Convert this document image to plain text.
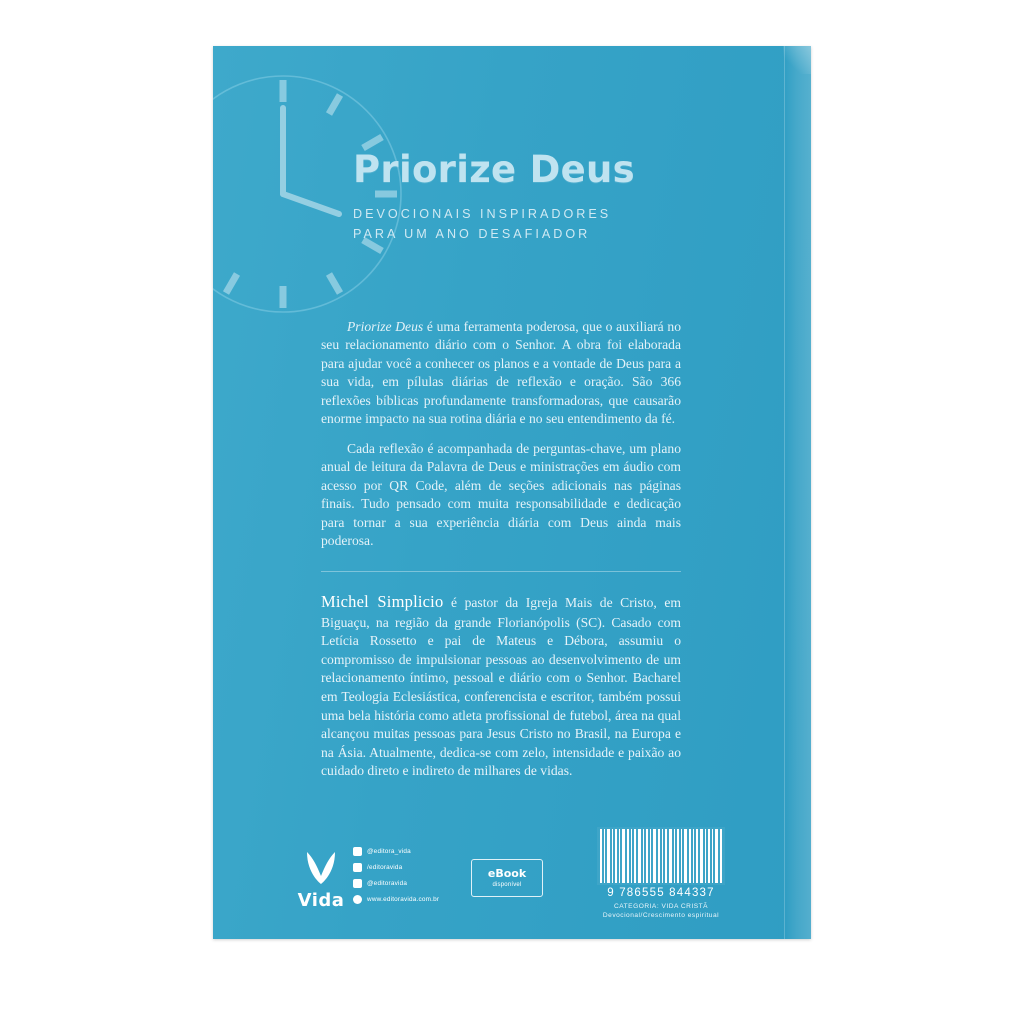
Priorize Deus
DEVOCIONAIS INSPIRADORES
PARA UM ANO DESAFIADOR

Priorize Deus é uma ferramenta poderosa, que o auxiliará no seu relacionamento diário com o Senhor. A obra foi elaborada para ajudar você a conhecer os planos e a vontade de Deus para a sua vida, em pílulas diárias de reflexão e oração. São 366 reflexões bíblicas profundamente transformadoras, que causarão enorme impacto na sua rotina diária e no seu entendimento da fé.

Cada reflexão é acompanhada de perguntas-chave, um plano anual de leitura da Palavra de Deus e ministrações em áudio com acesso por QR Code, além de seções adicionais nas páginas finais. Tudo pensado com muita responsabilidade e dedicação para tornar a sua experiência diária com Deus ainda mais poderosa.

Michel Simplicio é pastor da Igreja Mais de Cristo, em Biguaçu, na região da grande Florianópolis (SC). Casado com Letícia Rossetto e pai de Mateus e Débora, assumiu o compromisso de impulsionar pessoas ao desenvolvimento de um relacionamento íntimo, pessoal e diário com o Senhor. Bacharel em Teologia Eclesiástica, conferencista e escritor, também possui uma bela história como atleta profissional de futebol, área na qual alcançou muitas pessoas para Jesus Cristo no Brasil, na Europa e na Ásia. Atualmente, dedica-se com zelo, intensidade e paixão ao cuidado direto e indireto de milhares de vidas.
Vida
@editora_vida
/editoravida
@editoravida
www.editoravida.com.br
eBook
disponível
9 786555 844337
CATEGORIA: VIDA CRISTÃ
Devocional/Crescimento espiritual
